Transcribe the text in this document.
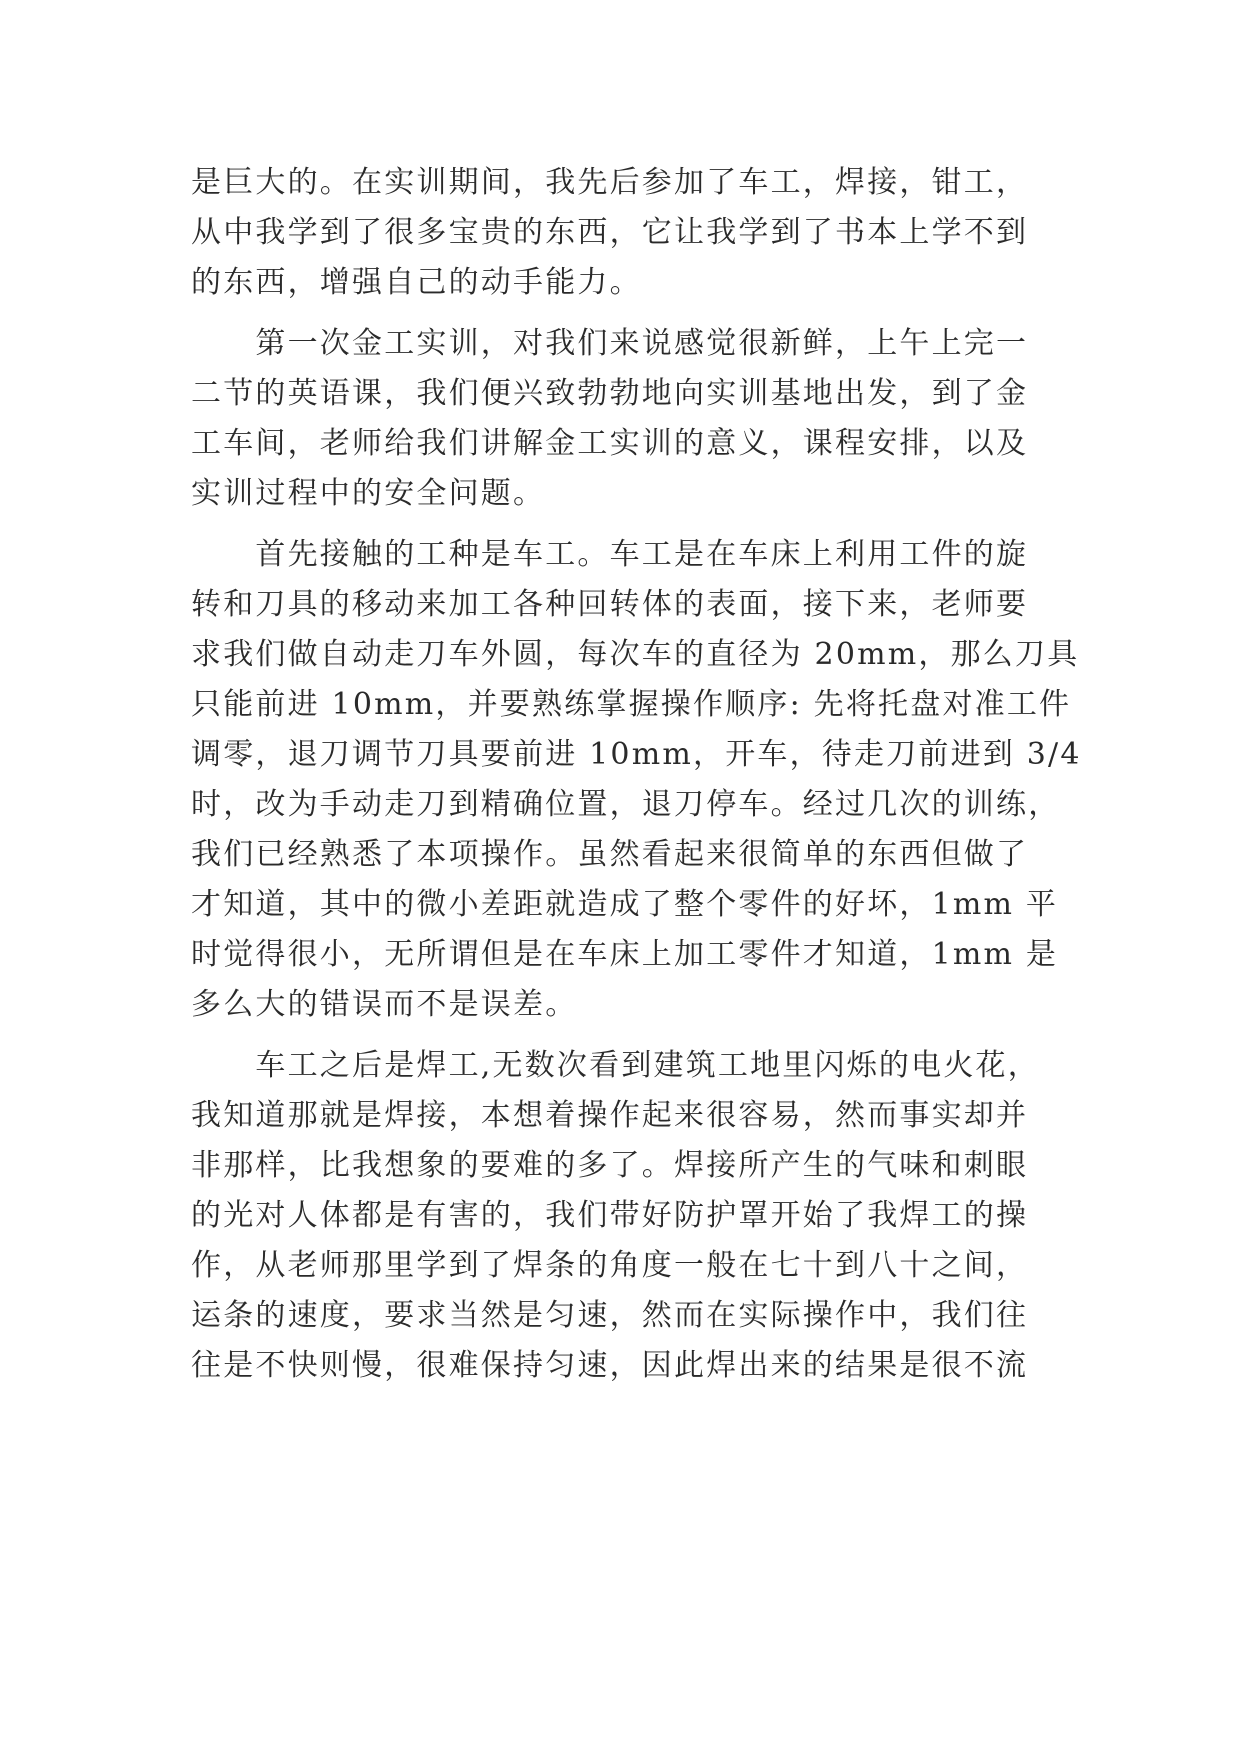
是巨大的。在实训期间，我先后参加了车工，焊接，钳工，
从中我学到了很多宝贵的东西，它让我学到了书本上学不到
的东西，增强自己的动手能力。
　　第一次金工实训，对我们来说感觉很新鲜，上午上完一
二节的英语课，我们便兴致勃勃地向实训基地出发，到了金
工车间，老师给我们讲解金工实训的意义，课程安排，以及
实训过程中的安全问题。
　　首先接触的工种是车工。车工是在车床上利用工件的旋
转和刀具的移动来加工各种回转体的表面，接下来，老师要
求我们做自动走刀车外圆，每次车的直径为 20mm，那么刀具
只能前进 10mm，并要熟练掌握操作顺序: 先将托盘对准工件
调零，退刀调节刀具要前进 10mm，开车，待走刀前进到 3/4
时，改为手动走刀到精确位置，退刀停车。经过几次的训练，
我们已经熟悉了本项操作。虽然看起来很简单的东西但做了
才知道，其中的微小差距就造成了整个零件的好坏，1mm 平
时觉得很小，无所谓但是在车床上加工零件才知道，1mm 是
多么大的错误而不是误差。
　　车工之后是焊工,无数次看到建筑工地里闪烁的电火花，
我知道那就是焊接，本想着操作起来很容易，然而事实却并
非那样，比我想象的要难的多了。焊接所产生的气味和刺眼
的光对人体都是有害的，我们带好防护罩开始了我焊工的操
作，从老师那里学到了焊条的角度一般在七十到八十之间，
运条的速度，要求当然是匀速，然而在实际操作中，我们往
往是不快则慢，很难保持匀速，因此焊出来的结果是很不流
